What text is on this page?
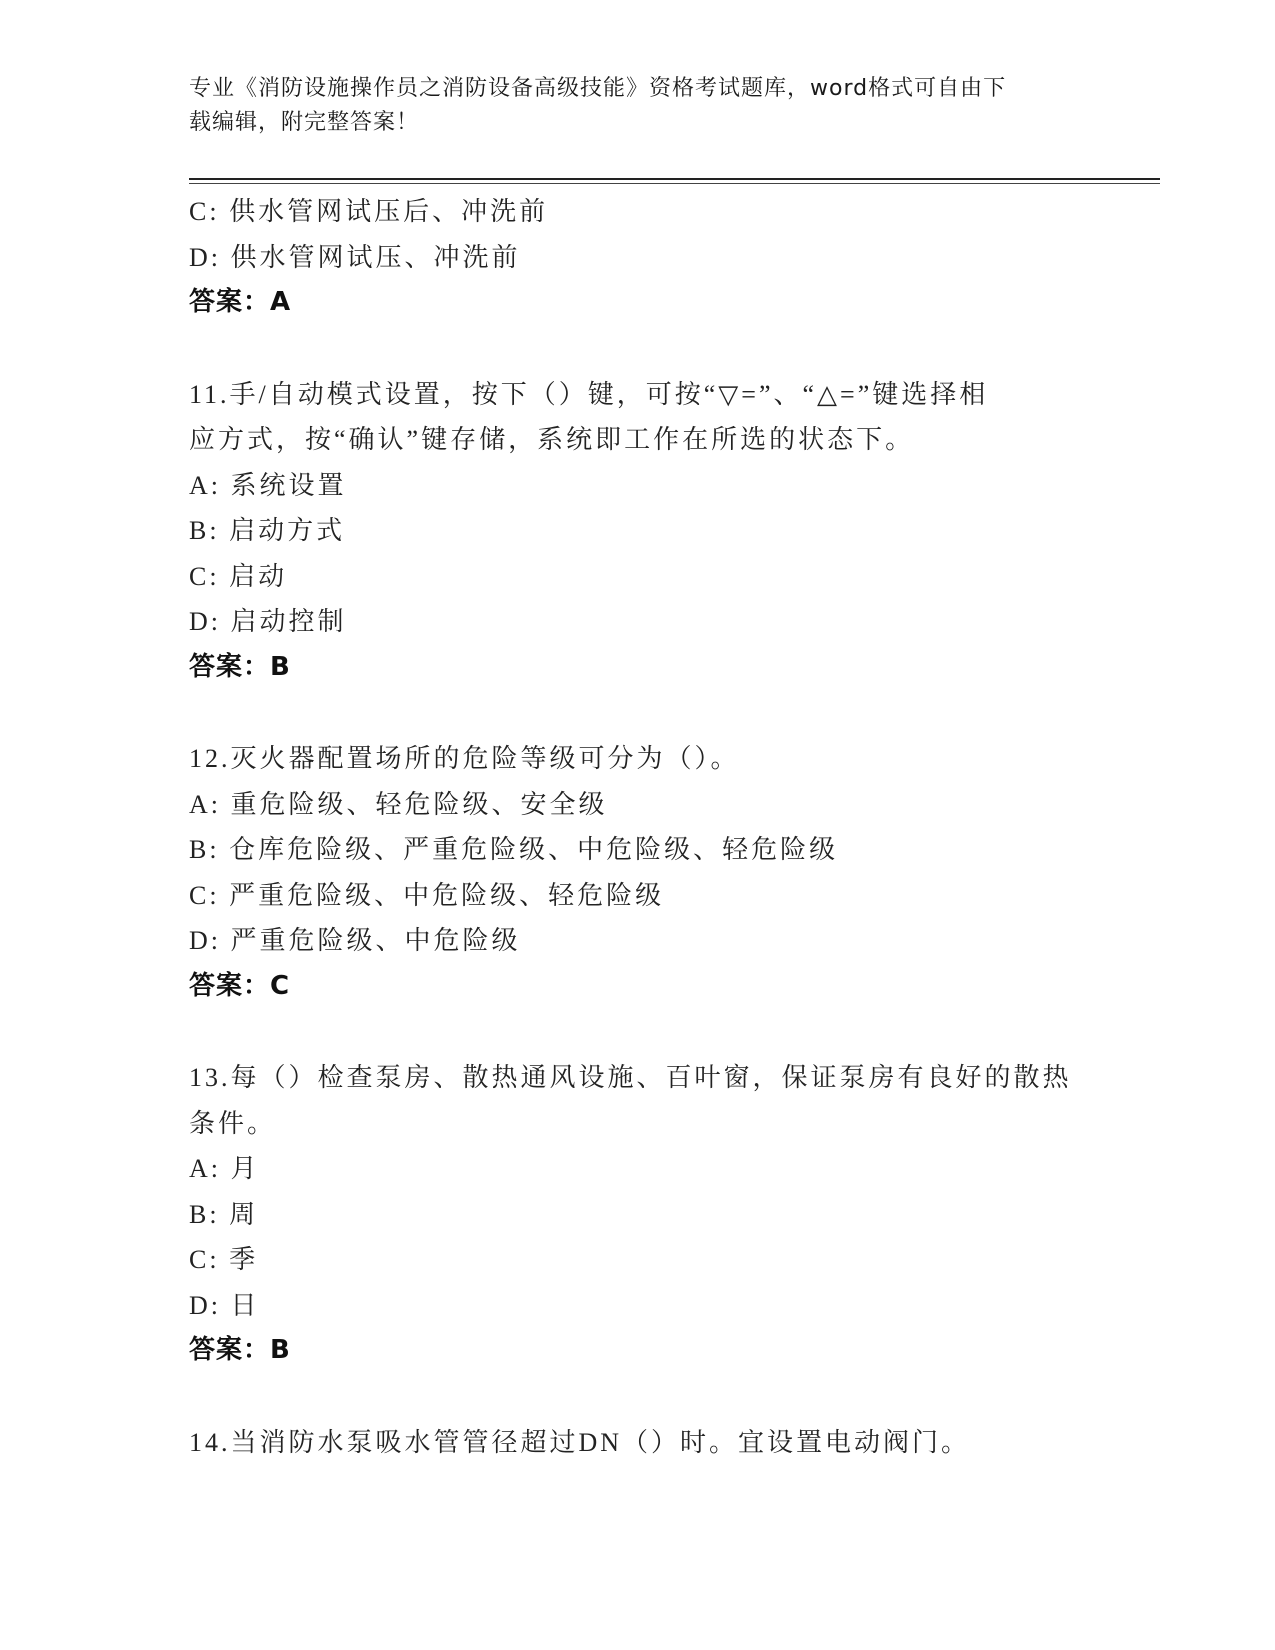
专业《消防设施操作员之消防设备高级技能》资格考试题库，word格式可自由下
载编辑，附完整答案！
C: 供水管网试压后、冲洗前
D: 供水管网试压、冲洗前
答案：A
11.手/自动模式设置，按下（）键，可按“▽=”、“△=”键选择相
应方式，按“确认”键存储，系统即工作在所选的状态下。
A: 系统设置
B: 启动方式
C: 启动
D: 启动控制
答案：B
12.灭火器配置场所的危险等级可分为（）。
A: 重危险级、轻危险级、安全级
B: 仓库危险级、严重危险级、中危险级、轻危险级
C: 严重危险级、中危险级、轻危险级
D: 严重危险级、中危险级
答案：C
13.每（）检查泵房、散热通风设施、百叶窗，保证泵房有良好的散热
条件。
A: 月
B: 周
C: 季
D: 日
答案：B
14.当消防水泵吸水管管径超过DN（）时。宜设置电动阀门。
